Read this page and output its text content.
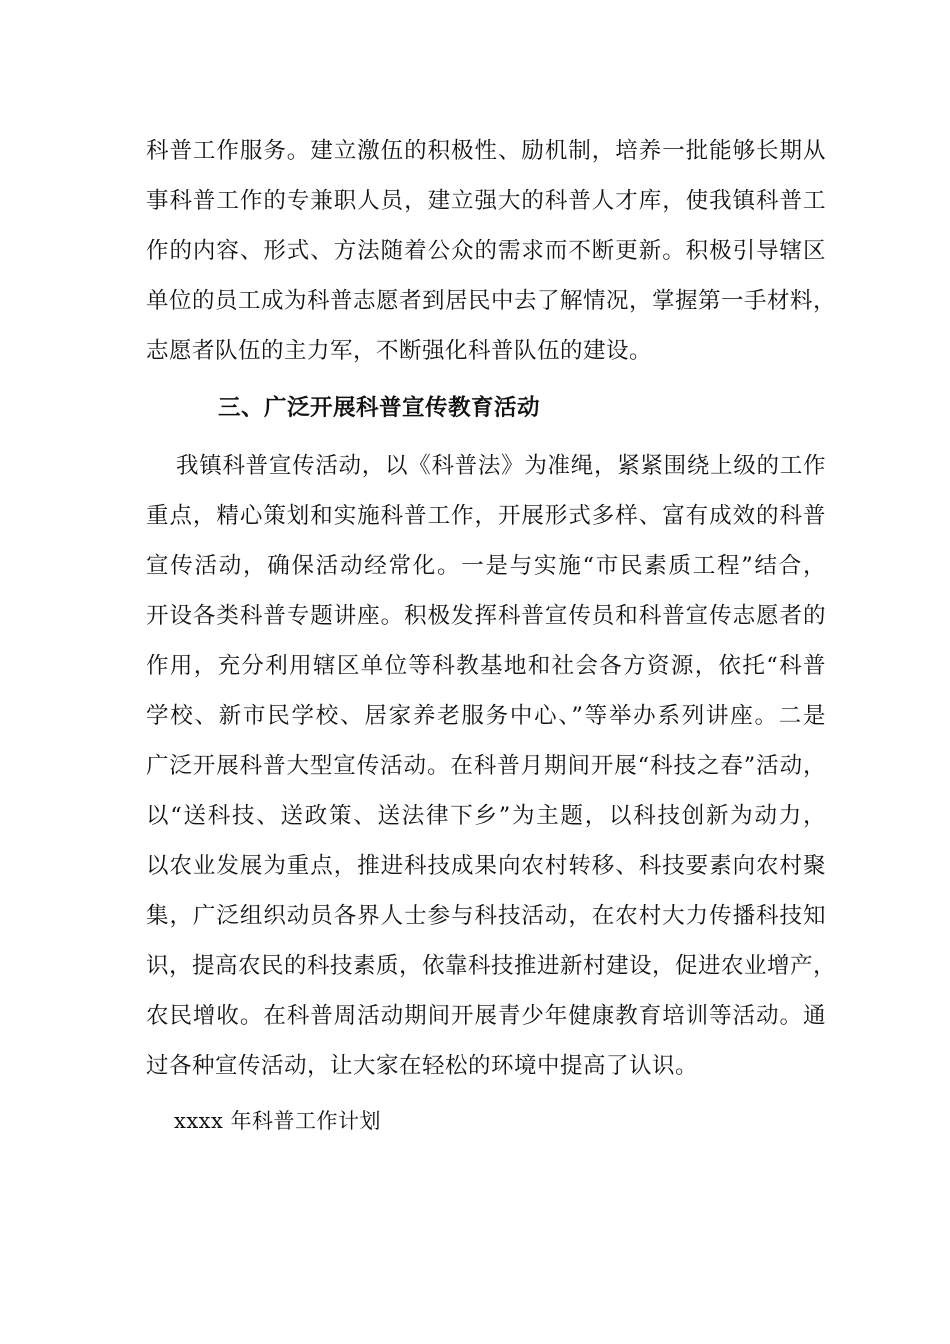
科普工作服务。建立激伍的积极性、励机制，培养一批能够长期从
事科普工作的专兼职人员，建立强大的科普人才库，使我镇科普工
作的内容、形式、方法随着公众的需求而不断更新。积极引导辖区
单位的员工成为科普志愿者到居民中去了解情况，掌握第一手材料，
志愿者队伍的主力军，不断强化科普队伍的建设。
三、广泛开展科普宣传教育活动
我镇科普宣传活动，以《科普法》为准绳，紧紧围绕上级的工作
重点，精心策划和实施科普工作，开展形式多样、富有成效的科普
宣传活动，确保活动经常化。一是与实施“市民素质工程”结合，
开设各类科普专题讲座。积极发挥科普宣传员和科普宣传志愿者的
作用，充分利用辖区单位等科教基地和社会各方资源，依托“科普
学校、新市民学校、居家养老服务中心、”等举办系列讲座。二是
广泛开展科普大型宣传活动。在科普月期间开展“科技之春”活动，
以“送科技、送政策、送法律下乡”为主题，以科技创新为动力，
以农业发展为重点，推进科技成果向农村转移、科技要素向农村聚
集，广泛组织动员各界人士参与科技活动，在农村大力传播科技知
识，提高农民的科技素质，依靠科技推进新村建设，促进农业增产，
农民增收。在科普周活动期间开展青少年健康教育培训等活动。通
过各种宣传活动，让大家在轻松的环境中提高了认识。
xxxx 年科普工作计划
